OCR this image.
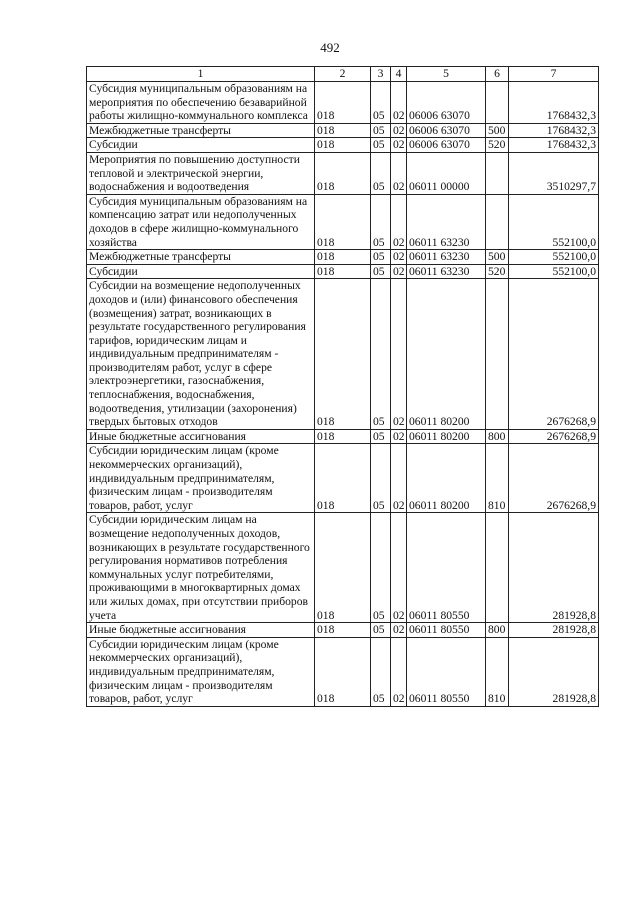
492
1	2	3	4	5	6	7
Субсидия муниципальным образованиям на мероприятия по обеспечению безаварийной работы жилищно-коммунального комплекса	018	05	02	06006 63070		1768432,3
Межбюджетные трансферты	018	05	02	06006 63070	500	1768432,3
Субсидии	018	05	02	06006 63070	520	1768432,3
Мероприятия по повышению доступности тепловой и электрической энергии, водоснабжения и водоотведения	018	05	02	06011 00000		3510297,7
Субсидия муниципальным образованиям на компенсацию затрат или недополученных доходов в сфере жилищно-коммунального хозяйства	018	05	02	06011 63230		552100,0
Межбюджетные трансферты	018	05	02	06011 63230	500	552100,0
Субсидии	018	05	02	06011 63230	520	552100,0
Субсидии на возмещение недополученных доходов и (или) финансового обеспечения (возмещения) затрат, возникающих в результате государственного регулирования тарифов, юридическим лицам и индивидуальным предпринимателям - производителям работ, услуг в сфере электроэнергетики, газоснабжения, теплоснабжения, водоснабжения, водоотведения, утилизации (захоронения) твердых бытовых отходов	018	05	02	06011 80200		2676268,9
Иные бюджетные ассигнования	018	05	02	06011 80200	800	2676268,9
Субсидии юридическим лицам (кроме некоммерческих организаций), индивидуальным предпринимателям, физическим лицам - производителям товаров, работ, услуг	018	05	02	06011 80200	810	2676268,9
Субсидии юридическим лицам на возмещение недополученных доходов, возникающих в результате государственного регулирования нормативов потребления коммунальных услуг потребителями, проживающими в многоквартирных домах или жилых домах, при отсутствии приборов учета	018	05	02	06011 80550		281928,8
Иные бюджетные ассигнования	018	05	02	06011 80550	800	281928,8
Субсидии юридическим лицам (кроме некоммерческих организаций), индивидуальным предпринимателям, физическим лицам - производителям товаров, работ, услуг	018	05	02	06011 80550	810	281928,8
